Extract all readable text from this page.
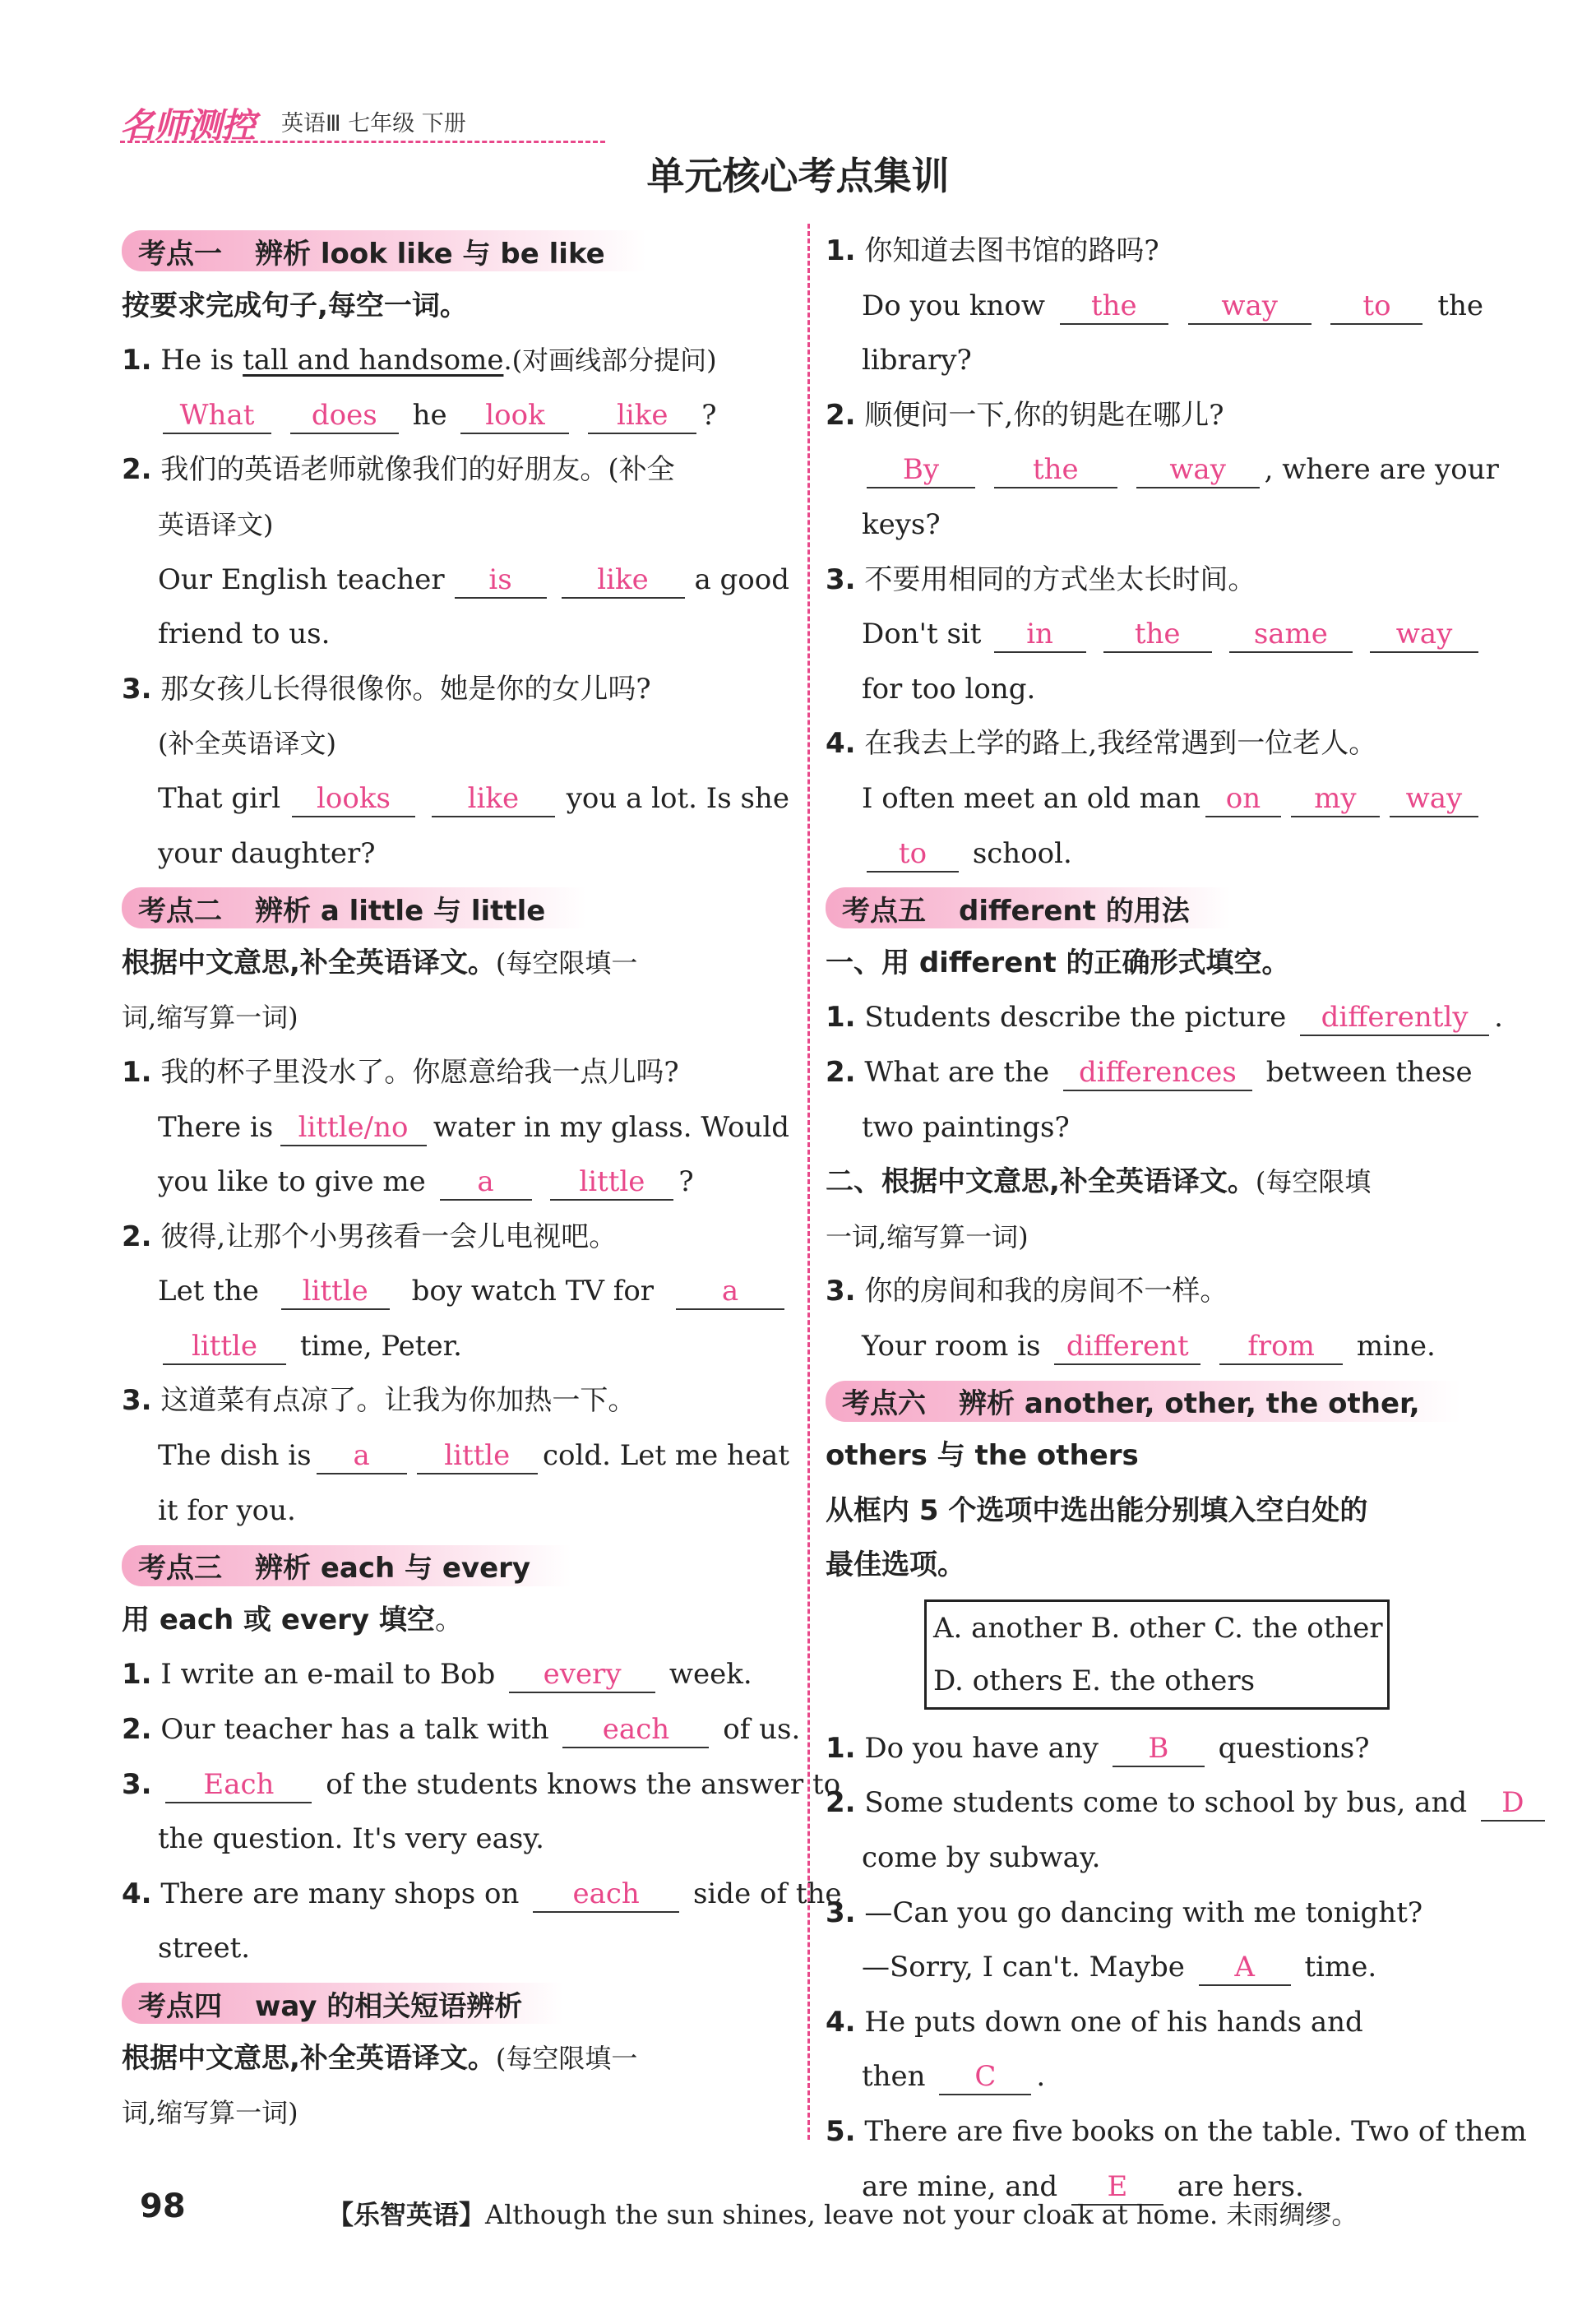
名师测控 英语Ⅲ 七年级 下册
单元核心考点集训
考点一 辨析 look like 与 be like
按要求完成句子,每空一词。
1. He is tall and handsome.(对画线部分提问)
What does he look	like ?
2. 我们的英语老师就像我们的好朋友。(补全
英语译文)
Our English teacher	is	like	a good
friend to us.
3. 那女孩儿长得很像你。她是你的女儿吗?
(补全英语译文)
That girl	looks	like	you a lot. Is she
your daughter?
考点二 辨析 a little 与 little
根据中文意思,补全英语译文。(每空限填一
词,缩写算一词)
1. 我的杯子里没水了。你愿意给我一点儿吗?
There is little/no water in my glass. Would
you like to give me a	little ?
2. 彼得,让那个小男孩看一会儿电视吧。
Let the	little	boy watch TV for	a
little time, Peter.
3. 这道菜有点凉了。让我为你加热一下。
The dish is	a	little	cold. Let me heat
it for you.
考点三 辨析 each 与 every
用 each 或 every 填空。
1. I write an e-mail to Bob every week.
2. Our teacher has a talk with each of us.
3. Each of the students knows the answer to
the question. It's very easy.
4. There are many shops on each side of the
street.
考点四 way 的相关短语辨析
根据中文意思,补全英语译文。(每空限填一
词,缩写算一词)
1. 你知道去图书馆的路吗?
Do you know	the	way	to	the
library?
2. 顺便问一下,你的钥匙在哪儿?
By	the	way , where are your
keys?
3. 不要用相同的方式坐太长时间。
Don't sit	in	the	same	way
for too long.
4. 在我去上学的路上,我经常遇到一位老人。
I often meet an old man on	my	way
to school.
考点五 different 的用法
一、用 different 的正确形式填空。
1. Students describe the picture differently .
2. What are the differences between these
two paintings?
二、根据中文意思,补全英语译文。(每空限填
一词,缩写算一词)
3. 你的房间和我的房间不一样。
Your room is different from mine.
考点六 辨析 another, other, the other,
others 与 the others
从框内 5 个选项中选出能分别填入空白处的
最佳选项。
A. another B. other C. the other
D. others E. the others
1. Do you have any B questions?
2. Some students come to school by bus, and D
come by subway.
3. —Can you go dancing with me tonight?
—Sorry, I can't. Maybe A time.
4. He puts down one of his hands and
then C .
5. There are five books on the table. Two of them
are mine, and E are hers.
98	【乐智英语】Although the sun shines, leave not your cloak at home. 未雨绸缪。
